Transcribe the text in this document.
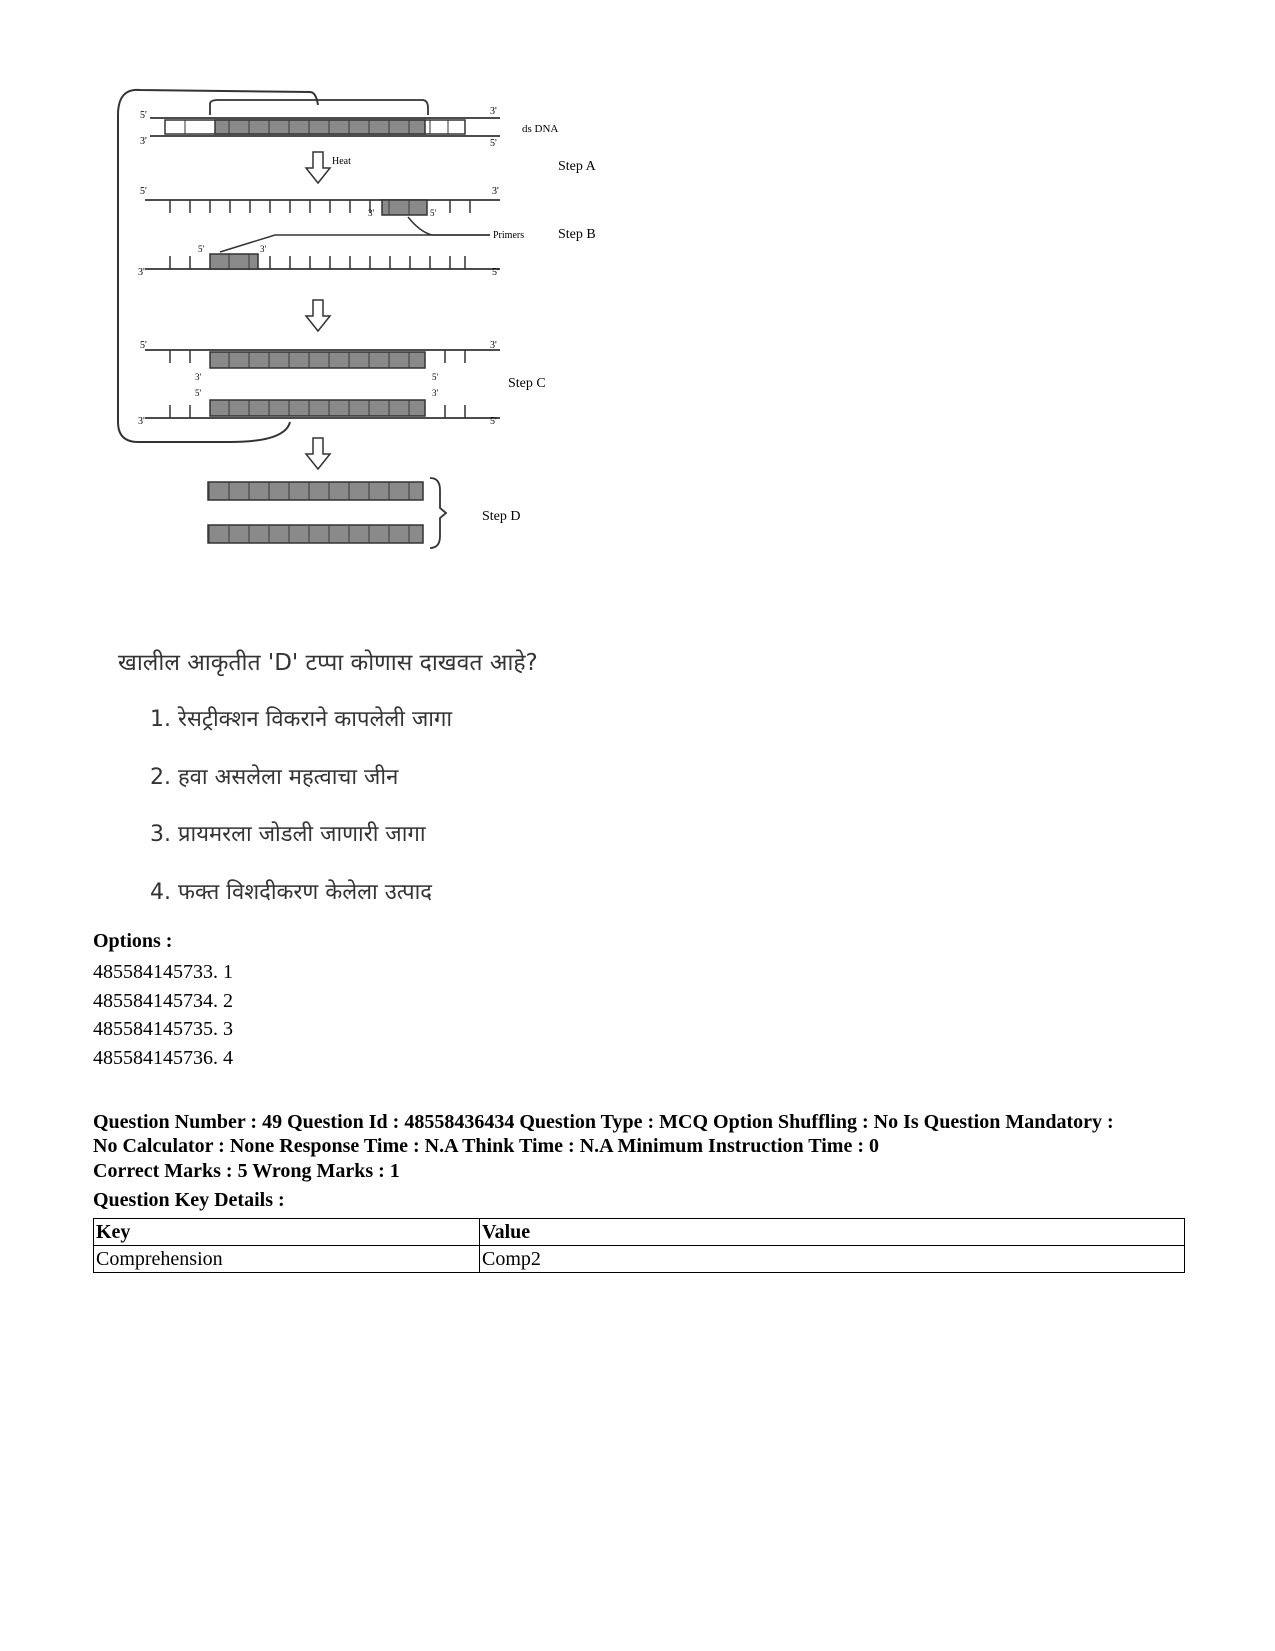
5'
3'
3'
5'
ds DNA
Step A
Heat
5'	3'
3'	5'
Primers Step B
3'
5'	3'
5'
5'	3'
3'	5'	Step C
5'	3'
3'	5'
Step D
खालील आकृतीत 'D' टप्पा कोणास दाखवत आहे?
1. रेसट्रीक्शन विकराने कापलेली जागा
2. हवा असलेला महत्वाचा जीन
3. प्रायमरला जोडली जाणारी जागा
4. फक्त विशदीकरण केलेला उत्पाद
Options :
485584145733. 1
485584145734. 2
485584145735. 3
485584145736. 4

Question Number : 49 Question Id : 48558436434 Question Type : MCQ Option Shuffling : No Is Question Mandatory :

No Calculator : None Response Time : N.A Think Time : N.A Minimum Instruction Time : 0

Correct Marks : 5 Wrong Marks : 1
Question Key Details :
Key	Value
Comprehension	Comp2
